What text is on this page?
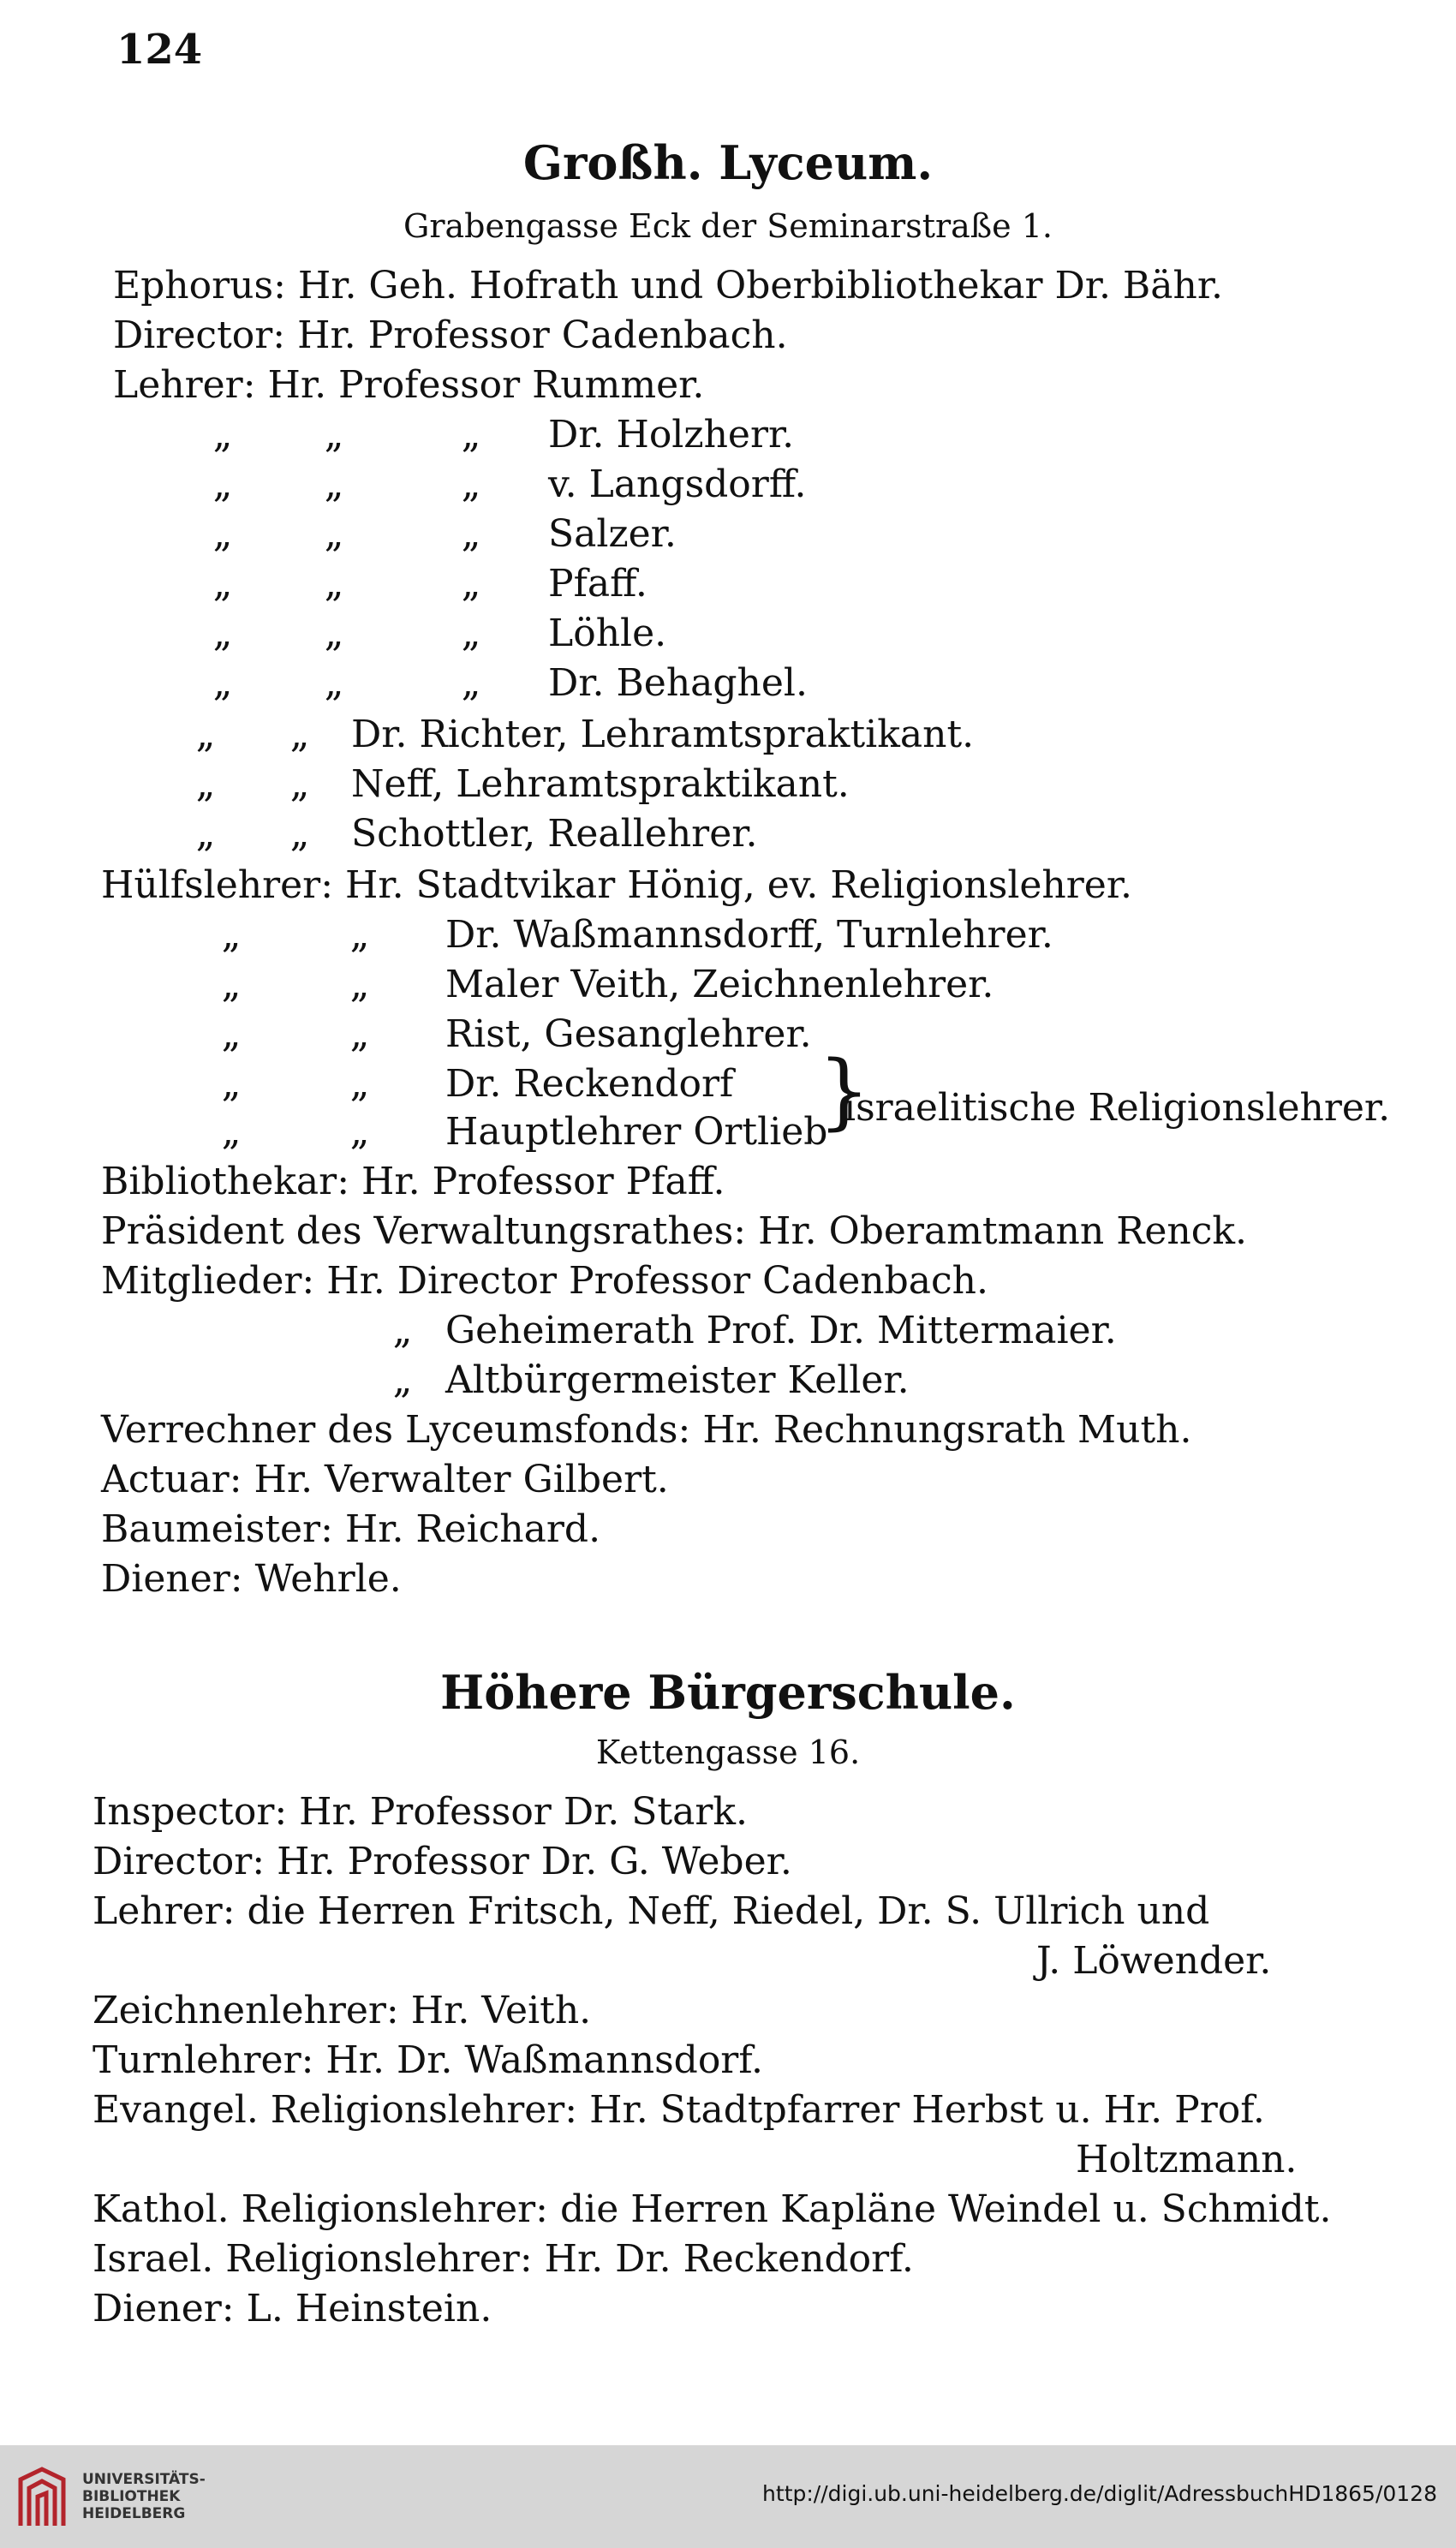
124
Großh. Lyceum.
Grabengasse Eck der Seminarstraße 1.
Ephorus: Hr. Geh. Hofrath und Oberbibliothekar Dr. Bähr.
Director: Hr. Professor Cadenbach.
Lehrer: Hr. Professor Rummer.
„ „	„ Dr. Holzherr.
„ „	„ v. Langsdorff.
„ „	„ Salzer.
„ „	„ Pfaff.
„ „	„ Löhle.
„ „	„ Dr. Behaghel.
„ „ Dr. Richter, Lehramtspraktikant.
„ „ Neff, Lehramtspraktikant.
„ „ Schottler, Reallehrer.
Hülfslehrer: Hr. Stadtvikar Hönig, ev. Religionslehrer.
„	„ Dr. Waßmannsdorff, Turnlehrer.
„	„ Maler Veith, Zeichnenlehrer.
„	„ Rist, Gesanglehrer.
„	„ Dr. Reckendorf
„	„ Hauptlehrer Ortlieb
}
israelitische Religionslehrer.
Bibliothekar: Hr. Professor Pfaff.
Präsident des Verwaltungsrathes: Hr. Oberamtmann Renck.
Mitglieder: Hr. Director Professor Cadenbach.
„ Geheimerath Prof. Dr. Mittermaier.
„ Altbürgermeister Keller.
Verrechner des Lyceumsfonds: Hr. Rechnungsrath Muth.
Actuar: Hr. Verwalter Gilbert.
Baumeister: Hr. Reichard.
Diener: Wehrle.
Höhere Bürgerschule.
Kettengasse 16.
Inspector: Hr. Professor Dr. Stark.
Director: Hr. Professor Dr. G. Weber.
Lehrer: die Herren Fritsch, Neff, Riedel, Dr. S. Ullrich und
J. Löwender.
Zeichnenlehrer: Hr. Veith.
Turnlehrer: Hr. Dr. Waßmannsdorf.
Evangel. Religionslehrer: Hr. Stadtpfarrer Herbst u. Hr. Prof.
Holtzmann.
Kathol. Religionslehrer: die Herren Kapläne Weindel u. Schmidt.
Israel. Religionslehrer: Hr. Dr. Reckendorf.
Diener: L. Heinstein.
UNIVERSITÄTS-
BIBLIOTHEK
HEIDELBERG
http://digi.ub.uni-heidelberg.de/diglit/AdressbuchHD1865/0128
